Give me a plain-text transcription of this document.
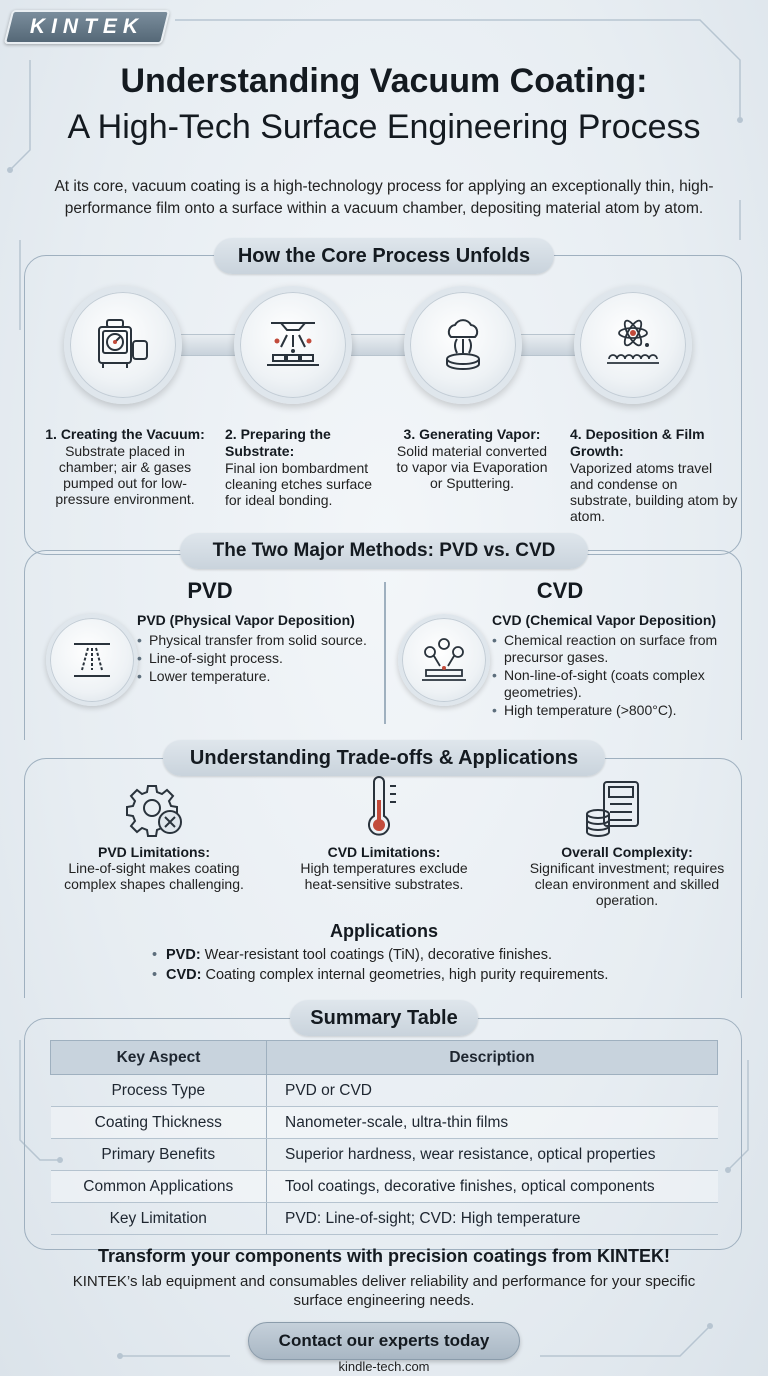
KINTEK
Understanding Vacuum Coating:
A High-Tech Surface Engineering Process
At its core, vacuum coating is a high-technology process for applying an exceptionally thin, high-performance film onto a surface within a vacuum chamber, depositing material atom by atom.
How the Core Process Unfolds
1. Creating the Vacuum:
Substrate placed in chamber; air & gases pumped out for low-pressure environment.
2. Preparing the Substrate:
Final ion bombardment cleaning etches surface for ideal bonding.
3. Generating Vapor:
Solid material converted to vapor via Evaporation or Sputtering.
4. Deposition & Film Growth:
Vaporized atoms travel and condense on substrate, building atom by atom.
The Two Major Methods: PVD vs. CVD
PVD
PVD (Physical Vapor Deposition)
• Physical transfer from solid source.
• Line-of-sight process.
• Lower temperature.
CVD
CVD (Chemical Vapor Deposition)
• Chemical reaction on surface from precursor gases.
• Non-line-of-sight (coats complex geometries).
• High temperature (>800°C).
Understanding Trade-offs & Applications
PVD Limitations:
Line-of-sight makes coating complex shapes challenging.
CVD Limitations:
High temperatures exclude heat-sensitive substrates.
Overall Complexity:
Significant investment; requires clean environment and skilled operation.
Applications
• PVD: Wear-resistant tool coatings (TiN), decorative finishes.
• CVD: Coating complex internal geometries, high purity requirements.
Summary Table
Key Aspect	Description
Process Type	PVD or CVD
Coating Thickness	Nanometer-scale, ultra-thin films
Primary Benefits	Superior hardness, wear resistance, optical properties
Common Applications	Tool coatings, decorative finishes, optical components
Key Limitation	PVD: Line-of-sight; CVD: High temperature
Transform your components with precision coatings from KINTEK!
KINTEK’s lab equipment and consumables deliver reliability and performance for your specific surface engineering needs.
Contact our experts today
kindle-tech.com
